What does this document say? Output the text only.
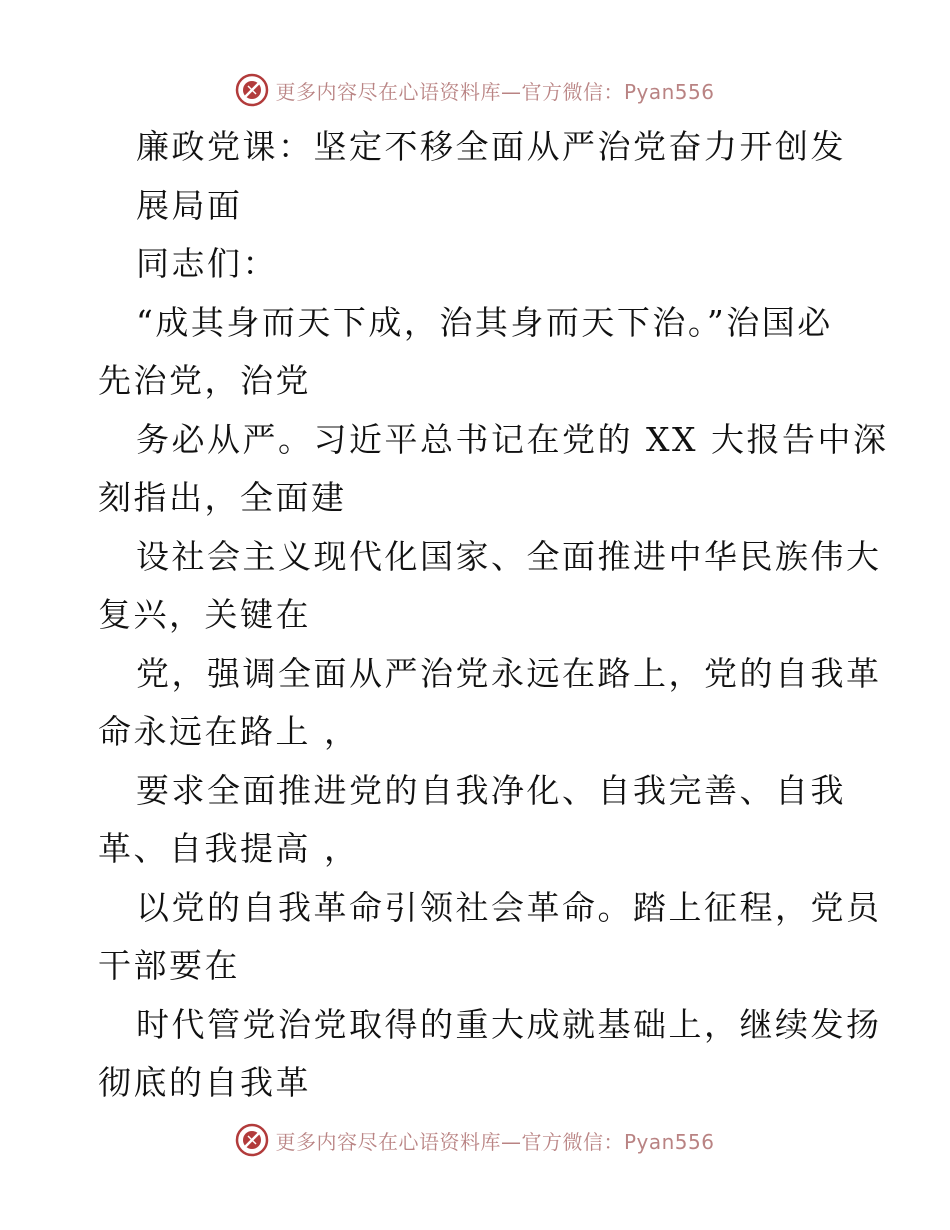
更多内容尽在心语资料库—官方微信：Pyan556
廉政党课：坚定不移全面从严治党奋力开创发
展局面
同志们：
“成其身而天下成，治其身而天下治。”治国必
先治党，治党
务必从严。习近平总书记在党的 XX 大报告中深
刻指出，全面建
设社会主义现代化国家、全面推进中华民族伟大
复兴，关键在
党，强调全面从严治党永远在路上，党的自我革
命永远在路上 ，
要求全面推进党的自我净化、自我完善、自我
革、自我提高 ，
以党的自我革命引领社会革命。踏上征程，党员
干部要在
时代管党治党取得的重大成就基础上，继续发扬
彻底的自我革
更多内容尽在心语资料库—官方微信：Pyan556
